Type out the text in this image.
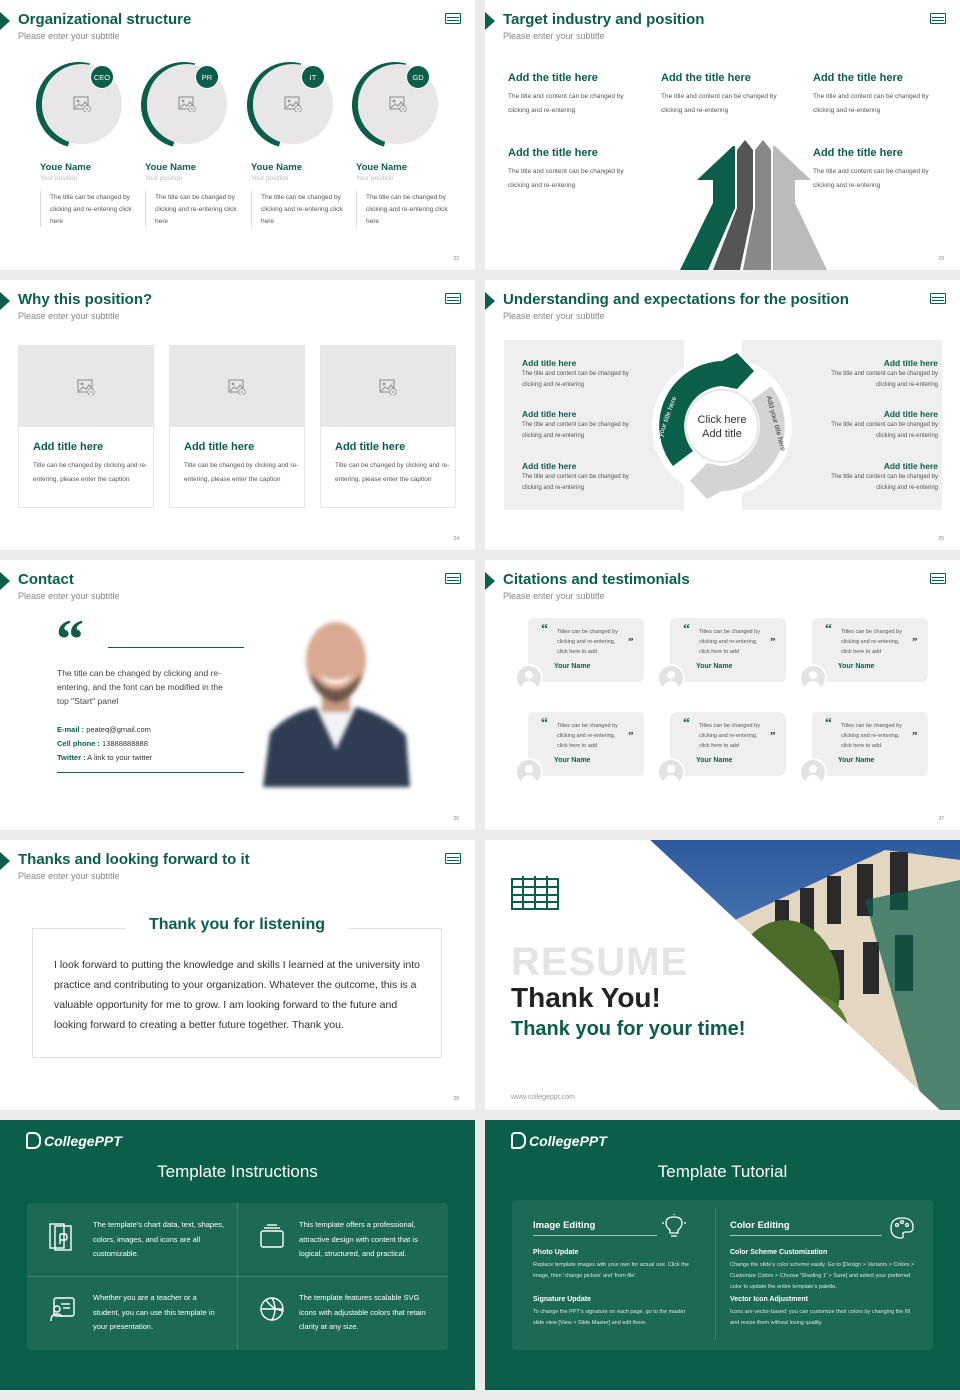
Organizational structure
Please enter your subtitle
CEO
Youe Name
Your position
The title can be changed by clicking and re-entering click here
PR
Youe Name
Your position
The title can be changed by clicking and re-entering click here
IT
Youe Name
Your position
The title can be changed by clicking and re-entering click here
GD
Youe Name
Your position
The title can be changed by clicking and re-entering click here
22
Target industry and position
Please enter your subtitle
Add the title here
The title and content can be changed by clicking and re-entering
Add the title here
The title and content can be changed by clicking and re-entering
Add the title here
The title and content can be changed by clicking and re-entering
Add the title here
The title and content can be changed by clicking and re-entering
Add the title here
The title and content can be changed by clicking and re-entering
23
Why this position?
Please enter your subtitle
Add title here
Title can be changed by clicking and re-entering, please enter the caption
Add title here
Title can be changed by clicking and re-entering, please enter the caption
Add title here
Title can be changed by clicking and re-entering, please enter the caption
24
Understanding and expectations for the position
Please enter your subtitle
Add title here
The title and content can be changed by clicking and re-entering
Add title here
The title and content can be changed by clicking and re-entering
Add title here
The title and content can be changed by clicking and re-entering
Add title here
The title and content can be changed by clicking and re-entering
Add title here
The title and content can be changed by clicking and re-entering
Add title here
The title and content can be changed by clicking and re-entering
Click here Add title
Add your title here	Add your title here
25
Contact
Please enter your subtitle
“
The title can be changed by clicking and re-entering, and the font can be modified in the top "Start" panel
E-mail : peateq@gmail.com
Cell phone : 13888888888
Twitter : A link to your twitter
26
Citations and testimonials
Please enter your subtitle
“
”
Titles can be changed by clicking and re-entering, click here to add
Your Name
“
”
Titles can be changed by clicking and re-entering, click here to add
Your Name
“
”
Titles can be changed by clicking and re-entering, click here to add
Your Name
“
”
Titles can be changed by clicking and re-entering, click here to add
Your Name
“
”
Titles can be changed by clicking and re-entering, click here to add
Your Name
“
”
Titles can be changed by clicking and re-entering, click here to add
Your Name
27
Thanks and looking forward to it
Please enter your subtitle
Thank you for listening
I look forward to putting the knowledge and skills I learned at the university into practice and contributing to your organization. Whatever the outcome, this is a valuable opportunity for me to grow. I am looking forward to the future and looking forward to creating a better future together. Thank you.
28
RESUME
Thank You!
Thank you for your time!
www.collegeppt.com
CollegePPT
Template Instructions
The template's chart data, text, shapes, colors, images, and icons are all customizable.
This template offers a professional, attractive design with content that is logical, structured, and practical.
Whether you are a teacher or a student, you can use this template in your presentation.
The template features scalable SVG icons with adjustable colors that retain clarity at any size.
CollegePPT
Template Tutorial
Image Editing
Photo Update
Replace template images with your own for actual use. Click the image, then 'change picture' and 'from file'.
Signature Update
To change the PPT's signature on each page, go to the master slide view [View > Slide Master] and edit there.
Color Editing
Color Scheme Customization
Change the slide's color scheme easily. Go to [Design > Variants > Colors > Customize Colors > Choose 'Shading 1' > Save] and select your preferred color to update the entire template's palette.
Vector Icon Adjustment
Icons are vector-based: you can customize their colors by changing the fill and resize them without losing quality.
